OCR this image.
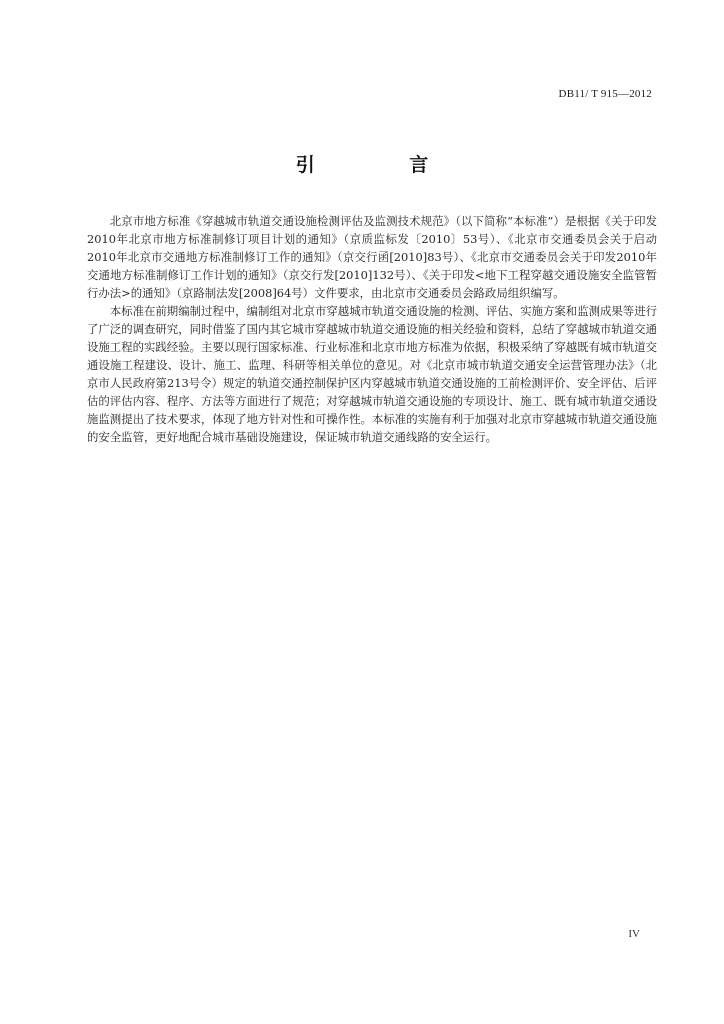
DB11/ T 915—2012
引 言

北京市地方标准《穿越城市轨道交通设施检测评估及监测技术规范》（以下简称“本标准”）是根据《关于印发2010年北京市地方标准制修订项目计划的通知》（京质监标发〔2010〕53号）、《北京市交通委员会关于启动2010年北京市交通地方标准制修订工作的通知》（京交行函[2010]83号）、《北京市交通委员会关于印发2010年交通地方标准制修订工作计划的通知》（京交行发[2010]132号）、《关于印发<地下工程穿越交通设施安全监管暂行办法>的通知》（京路制法发[2008]64号）文件要求，由北京市交通委员会路政局组织编写。

本标准在前期编制过程中，编制组对北京市穿越城市轨道交通设施的检测、评估、实施方案和监测成果等进行了广泛的调查研究，同时借鉴了国内其它城市穿越城市轨道交通设施的相关经验和资料，总结了穿越城市轨道交通设施工程的实践经验。主要以现行国家标准、行业标准和北京市地方标准为依据，积极采纳了穿越既有城市轨道交通设施工程建设、设计、施工、监理、科研等相关单位的意见。对《北京市城市轨道交通安全运营管理办法》（北京市人民政府第213号令）规定的轨道交通控制保护区内穿越城市轨道交通设施的工前检测评价、安全评估、后评估的评估内容、程序、方法等方面进行了规范；对穿越城市轨道交通设施的专项设计、施工、既有城市轨道交通设施监测提出了技术要求，体现了地方针对性和可操作性。本标准的实施有利于加强对北京市穿越城市轨道交通设施的安全监管，更好地配合城市基础设施建设，保证城市轨道交通线路的安全运行。

IV
